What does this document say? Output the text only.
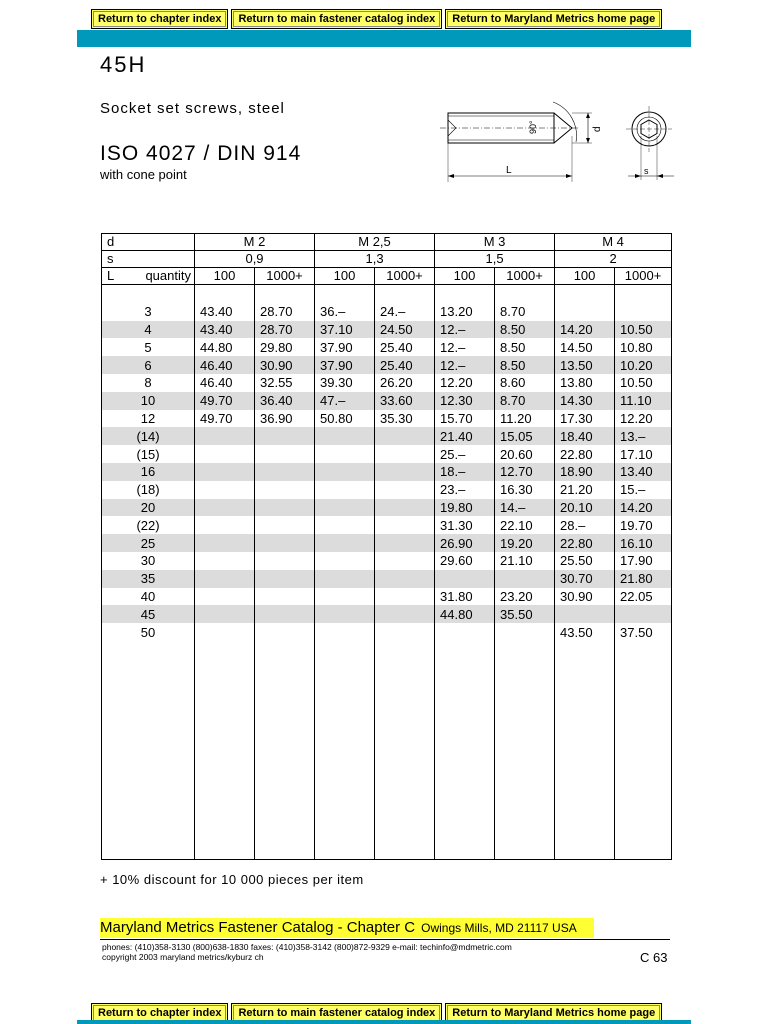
Return to chapter index	Return to main fastener catalog index	Return to Maryland Metrics home page
45H
Socket set screws, steel
ISO 4027 / DIN 914
with cone point
90°	d
L	s
d	M 2		M 2,5		M 3		M 4	
s	0,9		1,3		1,5		2	
L quantity	100	1000+	100	1000+	100	1000+	100	1000+

3	43.40	28.70	36.–	24.–	13.20	8.70		
4	43.40	28.70	37.10	24.50	12.–	8.50	14.20	10.50
5	44.80	29.80	37.90	25.40	12.–	8.50	14.50	10.80
6	46.40	30.90	37.90	25.40	12.–	8.50	13.50	10.20
8	46.40	32.55	39.30	26.20	12.20	8.60	13.80	10.50
10	49.70	36.40	47.–	33.60	12.30	8.70	14.30	11.10
12	49.70	36.90	50.80	35.30	15.70	11.20	17.30	12.20
(14)					21.40	15.05	18.40	13.–
(15)					25.–	20.60	22.80	17.10
16					18.–	12.70	18.90	13.40
(18)					23.–	16.30	21.20	15.–
20					19.80	14.–	20.10	14.20
(22)					31.30	22.10	28.–	19.70
25					26.90	19.20	22.80	16.10
30					29.60	21.10	25.50	17.90
35							30.70	21.80
40					31.80	23.20	30.90	22.05
45					44.80	35.50		
50							43.50	37.50

+ 10% discount for 10 000 pieces per item
Maryland Metrics Fastener Catalog - Chapter C Owings Mills, MD 21117 USA
phones: (410)358-3130 (800)638-1830 faxes: (410)358-3142 (800)872-9329 e-mail: techinfo@mdmetric.com
copyright 2003 maryland metrics/kyburz ch	C 63
Return to chapter index	Return to main fastener catalog index	Return to Maryland Metrics home page
